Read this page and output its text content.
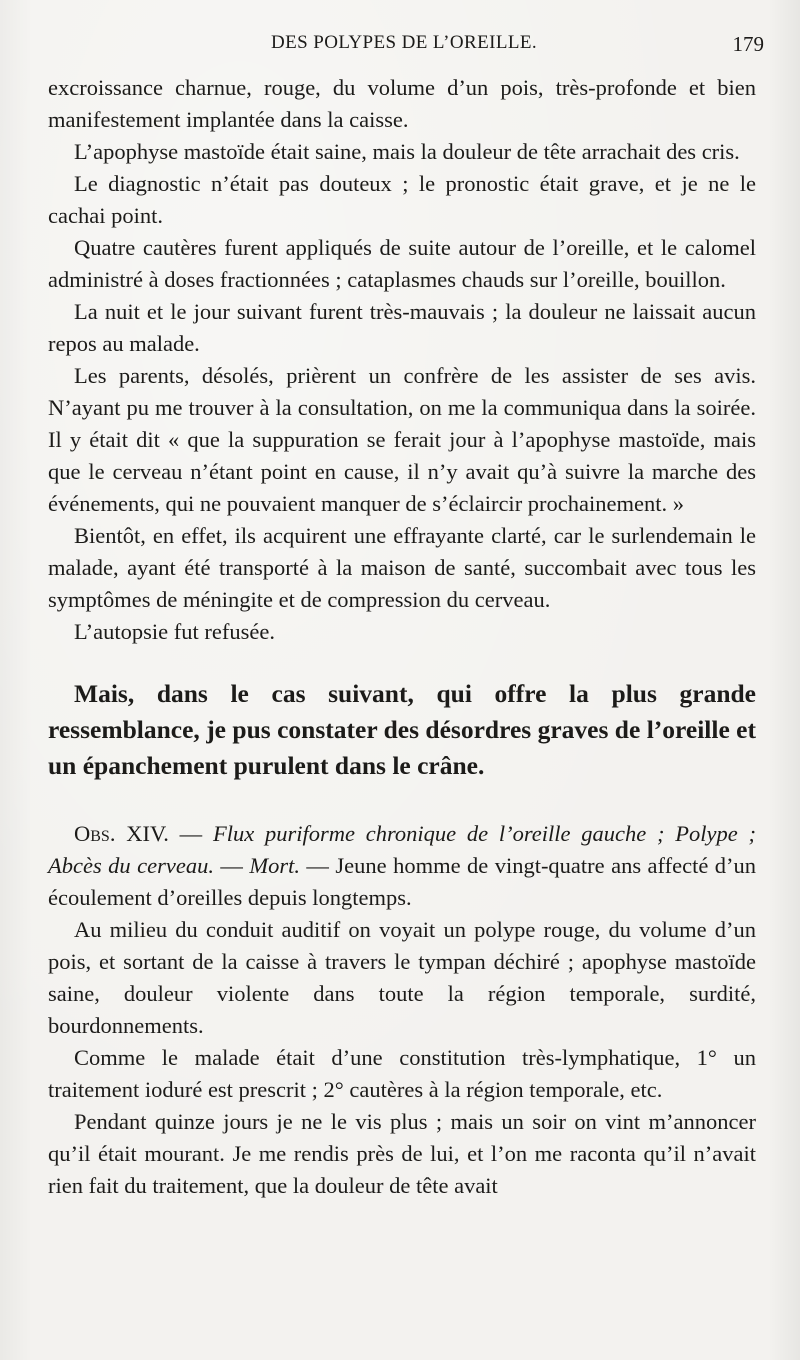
DES POLYPES DE L’OREILLE.	179

excroissance charnue, rouge, du volume d’un pois, très-profonde et bien manifestement implantée dans la caisse.

L’apophyse mastoïde était saine, mais la douleur de tête arrachait des cris.

Le diagnostic n’était pas douteux ; le pronostic était grave, et je ne le cachai point.

Quatre cautères furent appliqués de suite autour de l’oreille, et le calomel administré à doses fractionnées ; cataplasmes chauds sur l’oreille, bouillon.

La nuit et le jour suivant furent très-mauvais ; la douleur ne laissait aucun repos au malade.

Les parents, désolés, prièrent un confrère de les assister de ses avis. N’ayant pu me trouver à la consultation, on me la communiqua dans la soirée. Il y était dit « que la suppuration se ferait jour à l’apophyse mastoïde, mais que le cerveau n’étant point en cause, il n’y avait qu’à suivre la marche des événements, qui ne pouvaient manquer de s’éclaircir prochainement. »

Bientôt, en effet, ils acquirent une effrayante clarté, car le surlendemain le malade, ayant été transporté à la maison de santé, succombait avec tous les symptômes de méningite et de compression du cerveau.

L’autopsie fut refusée.

Mais, dans le cas suivant, qui offre la plus grande ressemblance, je pus constater des désordres graves de l’oreille et un épanchement purulent dans le crâne.

Obs. XIV. — Flux puriforme chronique de l’oreille gauche ; Polype ; Abcès du cerveau. — Mort. — Jeune homme de vingt-quatre ans affecté d’un écoulement d’oreilles depuis longtemps.

Au milieu du conduit auditif on voyait un polype rouge, du volume d’un pois, et sortant de la caisse à travers le tympan déchiré ; apophyse mastoïde saine, douleur violente dans toute la région temporale, surdité, bourdonnements.

Comme le malade était d’une constitution très-lymphatique, 1° un traitement ioduré est prescrit ; 2° cautères à la région temporale, etc.

Pendant quinze jours je ne le vis plus ; mais un soir on vint m’annoncer qu’il était mourant. Je me rendis près de lui, et l’on me raconta qu’il n’avait rien fait du traitement, que la douleur de tête avait
